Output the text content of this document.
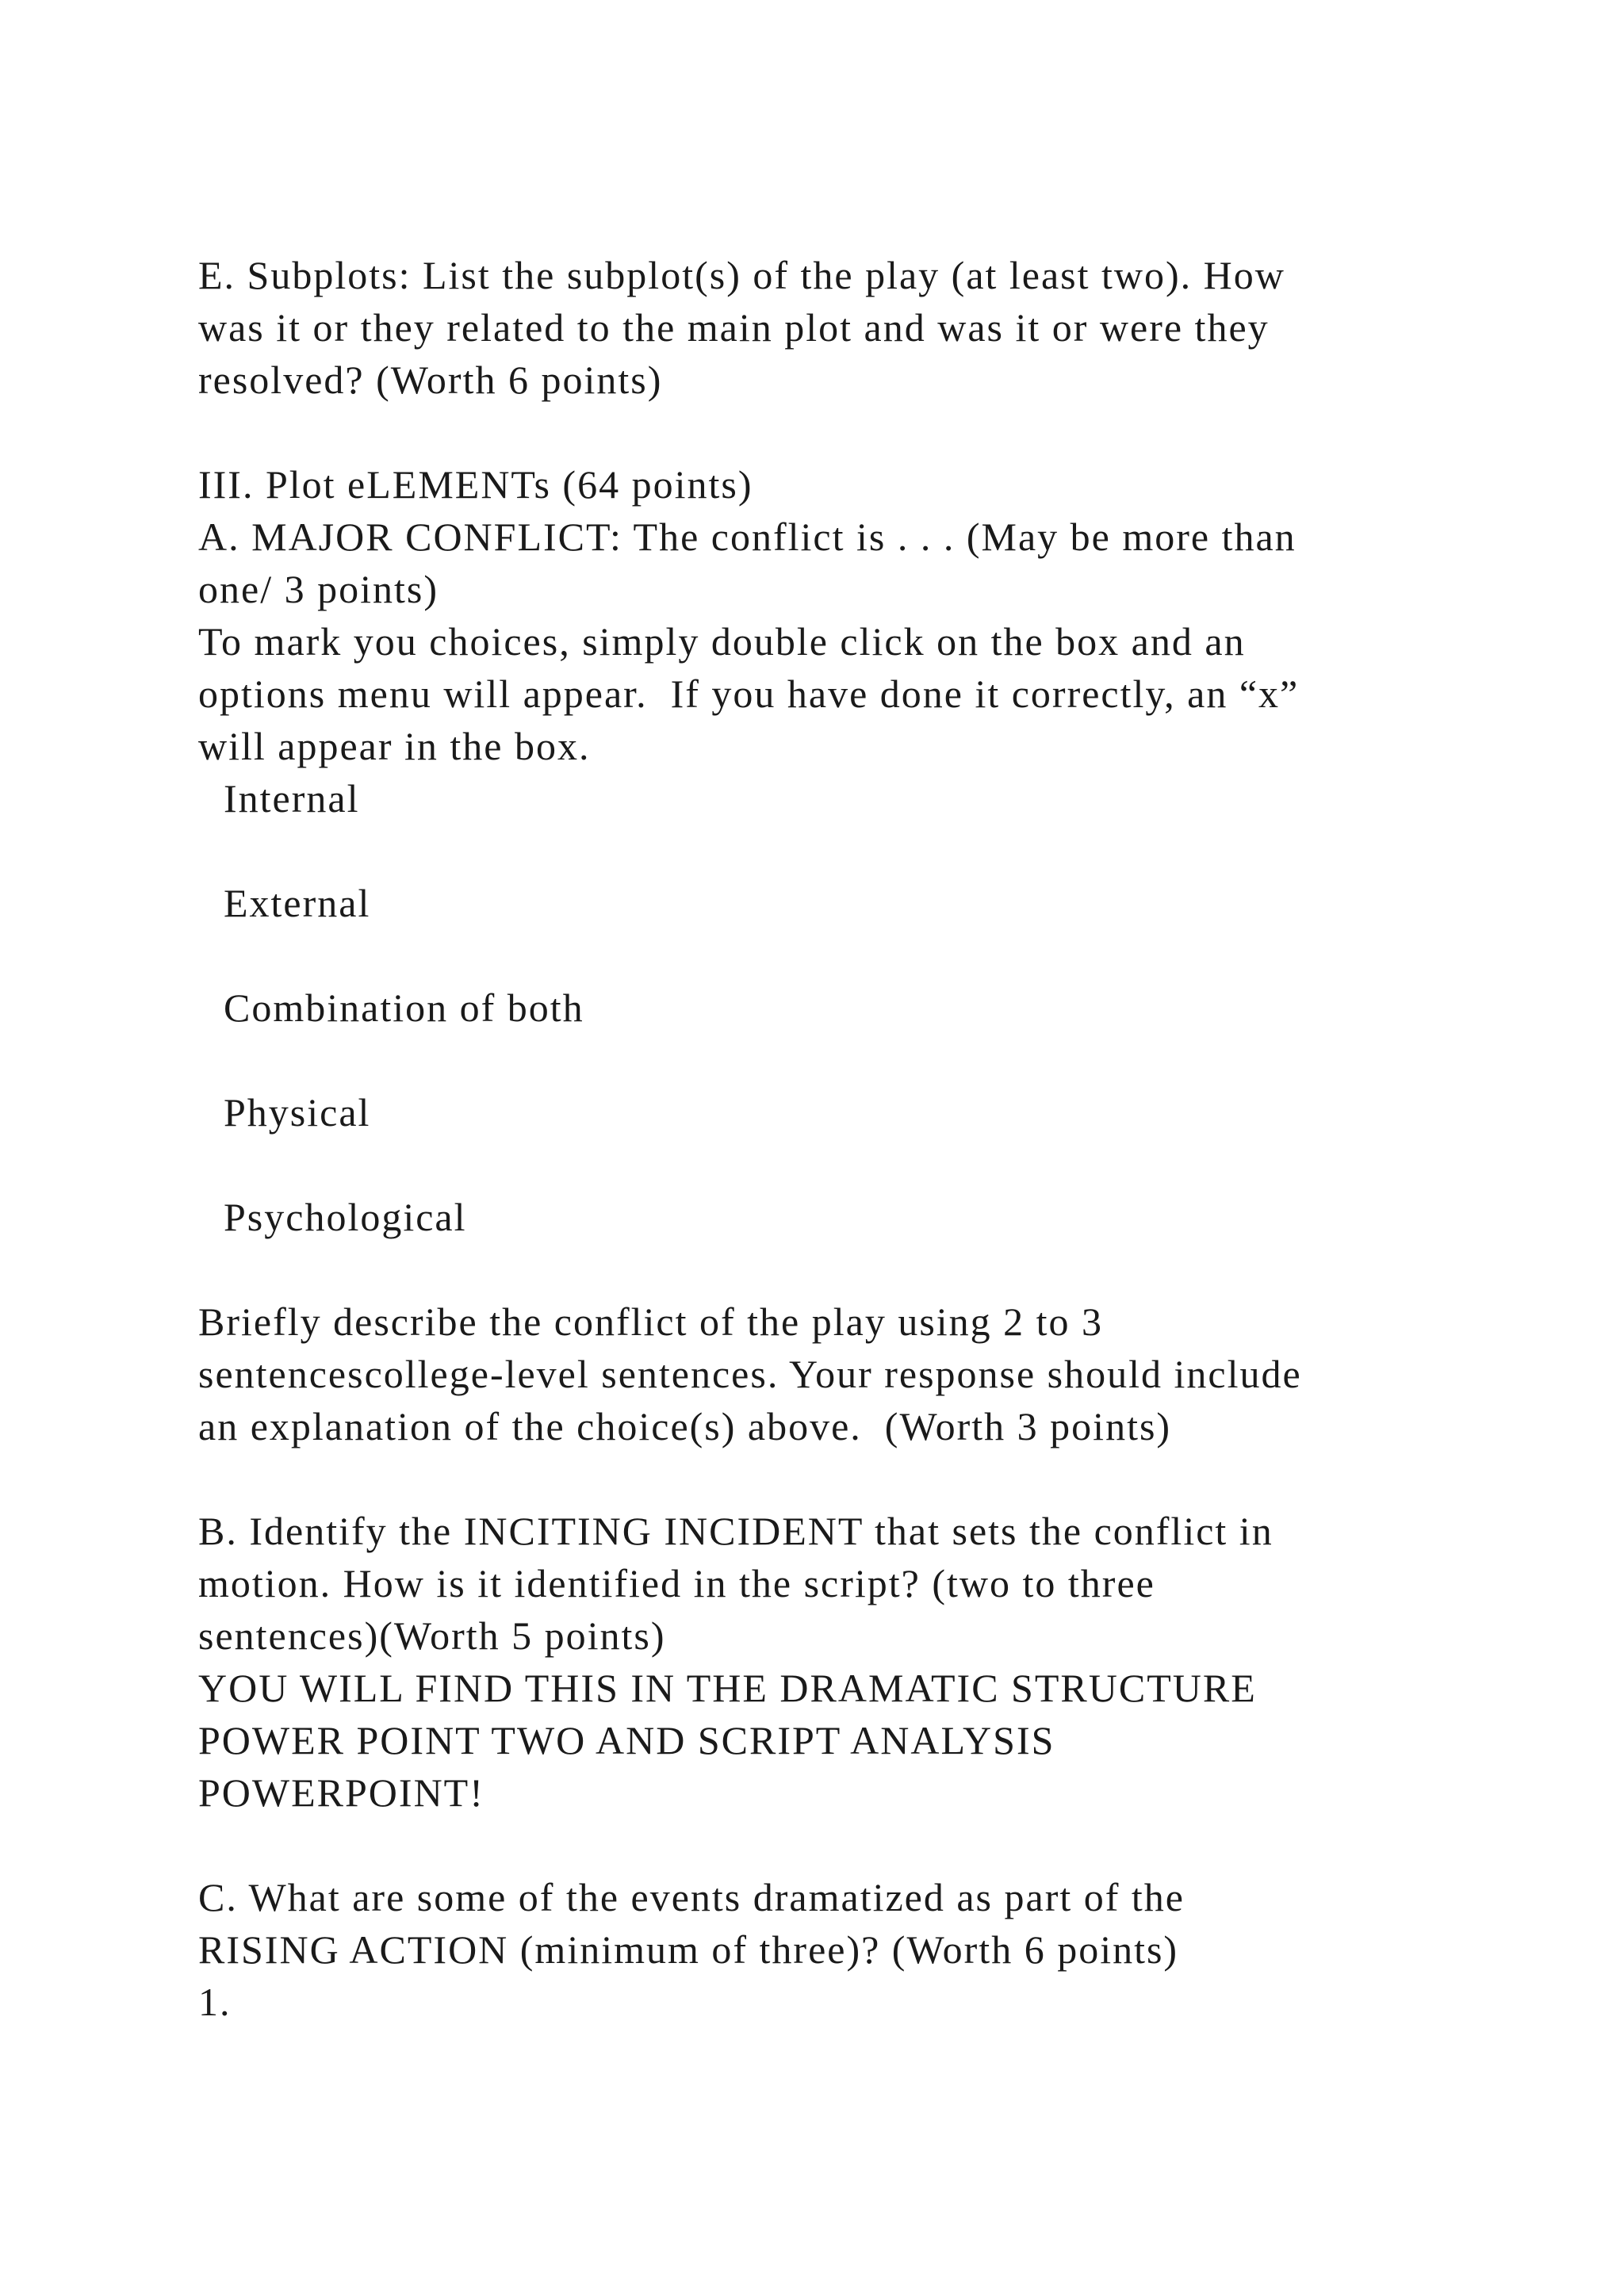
E. Subplots: List the subplot(s) of the play (at least two). How
was it or they related to the main plot and was it or were they
resolved? (Worth 6 points)
III. Plot eLEMENTs (64 points)
A. MAJOR CONFLICT: The conflict is . . . (May be more than
one/ 3 points)
To mark you choices, simply double click on the box and an
options menu will appear.  If you have done it correctly, an “x”
will appear in the box.
Internal
External
Combination of both
Physical
Psychological
Briefly describe the conflict of the play using 2 to 3
sentencescollege-level sentences. Your response should include
an explanation of the choice(s) above.  (Worth 3 points)
B. Identify the INCITING INCIDENT that sets the conflict in
motion. How is it identified in the script? (two to three
sentences)(Worth 5 points)
YOU WILL FIND THIS IN THE DRAMATIC STRUCTURE
POWER POINT TWO AND SCRIPT ANALYSIS
POWERPOINT!
C. What are some of the events dramatized as part of the
RISING ACTION (minimum of three)? (Worth 6 points)
1.
